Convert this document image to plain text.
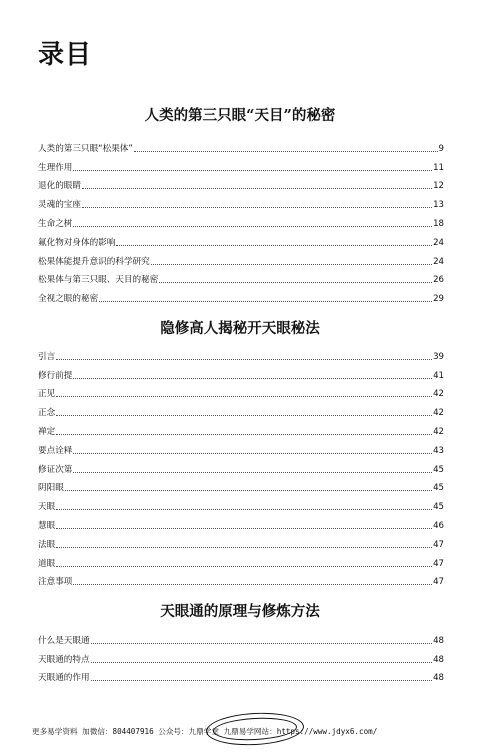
录目
人类的第三只眼“天目”的秘密
人类的第三只眼“松果体”	9
生理作用	11
退化的眼睛	12
灵魂的宝座	13
生命之树	18
氟化物对身体的影响	24
松果体能提升意识的科学研究	24
松果体与第三只眼、天目的秘密	26
全视之眼的秘密	29
隐修高人揭秘开天眼秘法
引言	39
修行前提	41
正见	42
正念	42
禅定	42
要点诠释	43
修证次第	45
阴阳眼	45
天眼	45
慧眼	46
法眼	47
道眼	47
注意事项	47
天眼通的原理与修炼方法
什么是天眼通	48
天眼通的特点	48
天眼通的作用	48
更多易学资料 加微信：804407916 公众号：九鼎学堂 九鼎易学网站：https://www.jdyx6.com/
